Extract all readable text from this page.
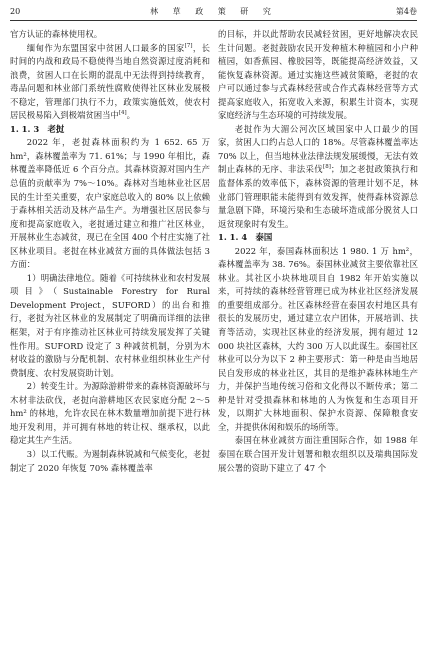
20	林 草 政 策 研 究	第4卷

官方认证的森林使用权。

缅甸作为东盟国家中贫困人口最多的国家[7]，长时间的内战和政局不稳使得当地自然资源过度消耗和浪费，贫困人口在长期的混乱中无法得到持续教育，毒品问题和林业部门系统性腐败使得社区林业发展极不稳定，管理部门执行不力，政策实施低效，使农村居民极易陷入到极端贫困当中[4]。

1. 1. 3　老挝

2022 年，老挝森林面积约为 1 652. 65 万 hm²，森林覆盖率为 71. 61%；与 1990 年相比，森林覆盖率降低近 6 个百分点。其森林资源对国内生产总值的贡献率为 7%～10%。森林对当地林业社区居民的生计至关重要，农户家庭总收入的 80% 以上依赖于森林相关活动及林产品生产。为增强社区居民参与度和提高家庭收入，老挝通过建立和推广社区林业，开展林业生态减贫，现已在全国 400 个村庄实施了社区林业项目。老挝在林业减贫方面的具体做法包括 3 方面：

1）明确法律地位。随着《可持续林业和农村发展项目》（Sustainable Forestry for Rural Development Project，SUFORD）的出台和推行，老挝为社区林业的发展制定了明确而详细的法律框架，对于有序推动社区林业可持续发展发挥了关键性作用。SUFORD 设定了 3 种减贫机制，分别为木材收益的激励与分配机制、农村林业组织林业生产付费制度、农村发展资助计划。

2）转变生计。为源除游耕带来的森林资源破坏与木材非法砍伐，老挝向游耕地区农民家庭分配 2～5 hm² 的林地，允许农民在林木数量增加前提下进行林地开发利用，并可拥有林地的转让权、继承权，以此稳定其生产生活。

3）以工代赈。为遏制森林锐减和气候变化，老挝制定了 2020 年恢复 70% 森林覆盖率

的目标，并以此帮助农民减轻贫困，更好地解决农民生计问题。老挝鼓励农民开发种植木种植园和小户种植园，如香蕉园、橡胶园等，既能提高经济效益，又能恢复森林资源。通过实施这些减贫策略，老挝的农户可以通过参与式森林经营或合作式森林经营等方式提高家庭收入，拓宽收入来源，积累生计资本，实现家庭经济与生态环境的可持续发展。

老挝作为大湄公河次区域国家中人口最少的国家，贫困人口约占总人口的 18%。尽管森林覆盖率达 70% 以上，但当地林业法律法规发展缓慢，无法有效制止森林的无序、非法采伐[8]；加之老挝政策执行和监督体系的效率低下，森林资源的管理计划不足，林业部门管理职能未能得到有效发挥，使得森林资源总量急剧下降，环境污染和生态破坏造成部分脱贫人口返贫现象时有发生。

1. 1. 4　泰国

2022 年，泰国森林面积达 1 980. 1 万 hm²，森林覆盖率为 38. 76%。泰国林业减贫主要依靠社区林业。其社区小块林地项目自 1982 年开始实施以来，可持续的森林经营管理已成为林业社区经济发展的重要组成部分。社区森林经营在泰国农村地区具有很长的发展历史，通过建立农户团体，开展培训、扶育等活动，实现社区林业的经济发展，拥有超过 12 000 块社区森林，大约 300 万人以此谋生。泰国社区林业可以分为以下 2 种主要形式：第一种是由当地居民自发形成的林业社区，其目的是维护森林林地生产力，并保护当地传统习俗和文化得以不断传承；第二种是针对受损森林和林地的人为恢复和生态项目开发，以期扩大林地面积、保护水资源、保障粮食安全，并提供休闲和娱乐的场所等。

泰国在林业减贫方面注重国际合作，如 1988 年泰国在联合国开发计划署和粮农组织以及瑞典国际发展公署的资助下建立了 47 个
